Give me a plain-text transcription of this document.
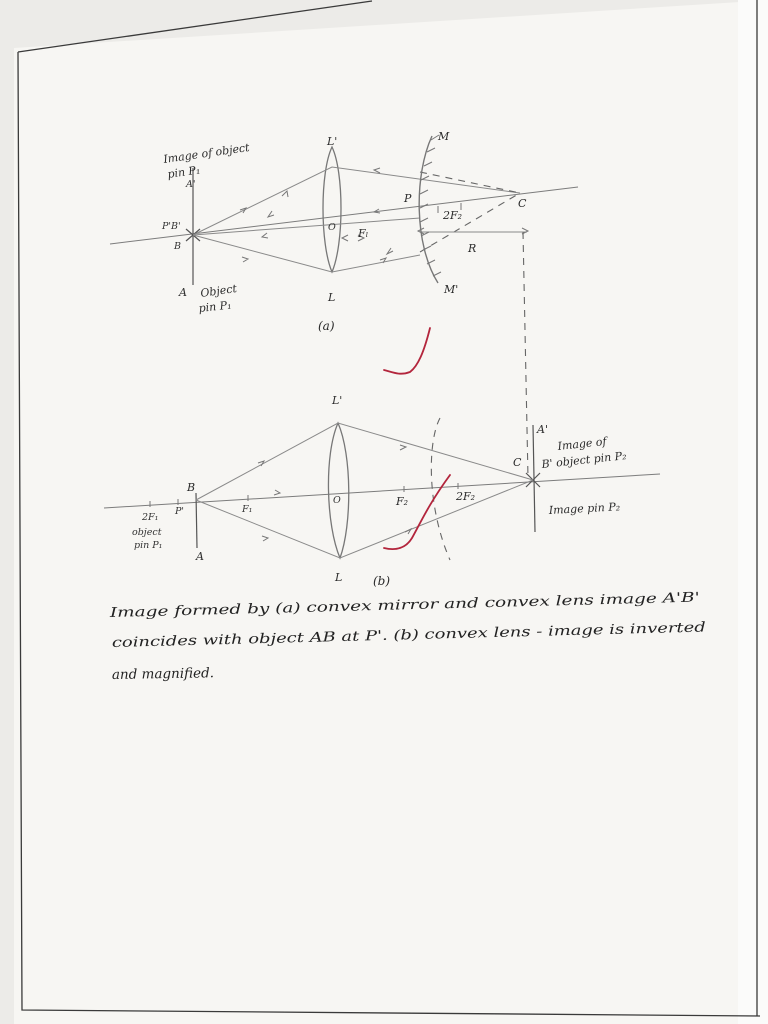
Image of object
pin P₁
A'
P'B'
B
A Object
pin P₁
L'
L
O Fₗ
M
M'
P
2F₂
C
R
(a)
L'
L
O
B
A
P'
2F₁
object
pin P₁
F₁
F₂	2F₂
C
A'
Image of
B' object pin P₂
Image pin P₂
(b)
Image formed by (a) convex mirror and convex lens image A'B'
coincides with object AB at P'. (b) convex lens - image is inverted
and magnified.
